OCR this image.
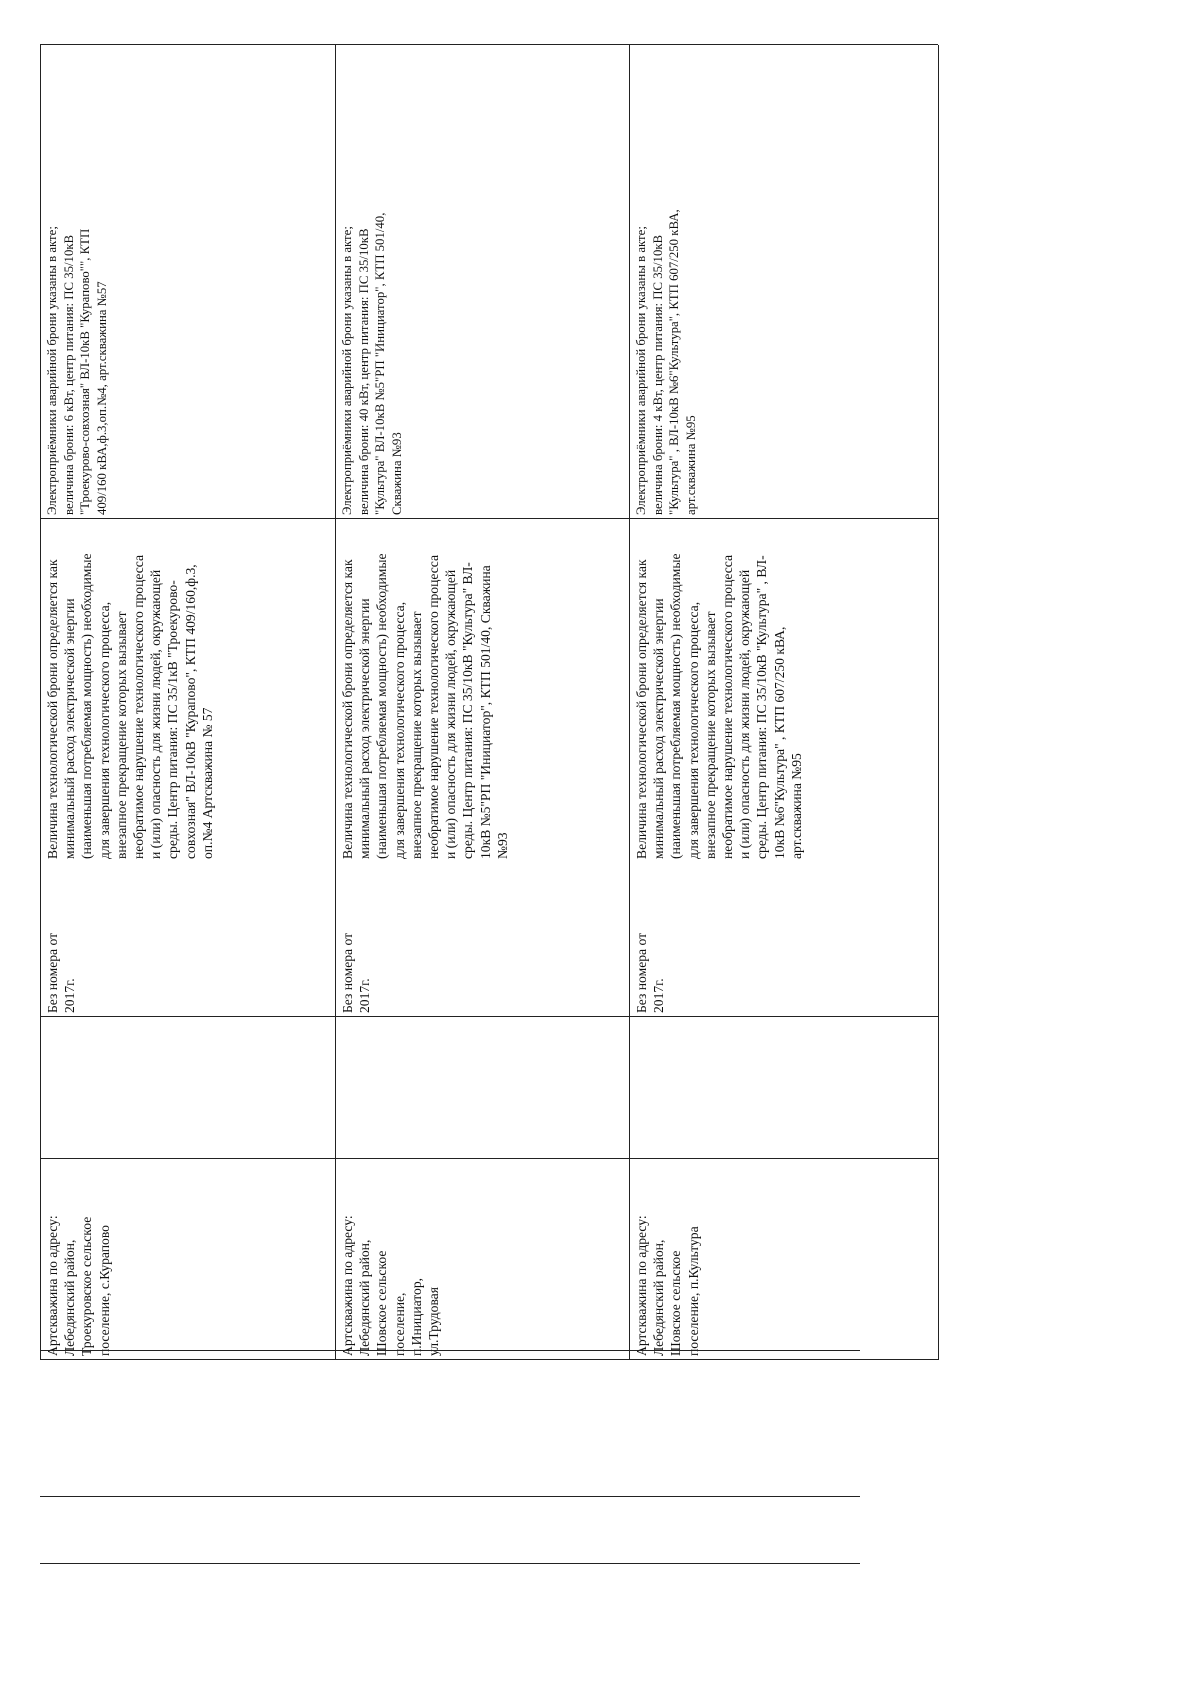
Артскважина по адресу:
Лебедянский район,
Троекуровское сельское
поселение, с.Курапово
Без номера от
2017г.
Величина технологической брони определяется как
минимальный расход электрической энергии
(наименьшая потребляемая мощность) необходимые
для завершения технологического процесса,
внезапное прекращение которых вызывает
необратимое нарушение технологического процесса
и (или) опасность для жизни людей, окружающей
среды. Центр питания: ПС 35/1кВ "Троекурово-
совхозная" ВЛ-10кВ "Курапово", КТП 409/160,ф.3,
оп.№4 Артскважина № 57
Электроприёмники аварийной брони указаны в акте;
величина брони: 6 кВт, центр питания: ПС 35/10кВ
"Троекурово-совхозная" ВЛ-10кВ "Курапово"", КТП
409/160 кВА,ф.3,оп.№4, арт.скважина №57
Артскважина по адресу:
Лебедянский район,
Шовское сельское
поселение,
п.Инициатор,
ул.Трудовая
Без номера от
2017г.
Величина технологической брони определяется как
минимальный расход электрической энергии
(наименьшая потребляемая мощность) необходимые
для завершения технологического процесса,
внезапное прекращение которых вызывает
необратимое нарушение технологического процесса
и (или) опасность для жизни людей, окружающей
среды. Центр питания: ПС 35/10кВ "Культура" ВЛ-
10кВ №5"РП "Инициатор", КТП 501/40, Скважина
№93
Электроприёмники аварийной брони указаны в акте;
величина брони: 40 кВт, центр питания: ПС 35/10кВ
"Культура" ВЛ-10кВ №5"РП "Инициатор", КТП 501/40,
Скважина №93
Артскважина по адресу:
Лебедянский район,
Шовское сельское
поселение, п.Культура
Без номера от
2017г.
Величина технологической брони определяется как
минимальный расход электрической энергии
(наименьшая потребляемая мощность) необходимые
для завершения технологического процесса,
внезапное прекращение которых вызывает
необратимое нарушение технологического процесса
и (или) опасность для жизни людей, окружающей
среды. Центр питания: ПС 35/10кВ "Культура" , ВЛ-
10кВ №6"Культура" , КТП 607/250 кВА,
арт.скважина №95
Электроприёмники аварийной брони указаны в акте;
величина брони: 4 кВт, центр питания: ПС 35/10кВ
"Культура" , ВЛ-10кВ №6"Культура", КТП 607/250 кВА,
арт.скважина №95
